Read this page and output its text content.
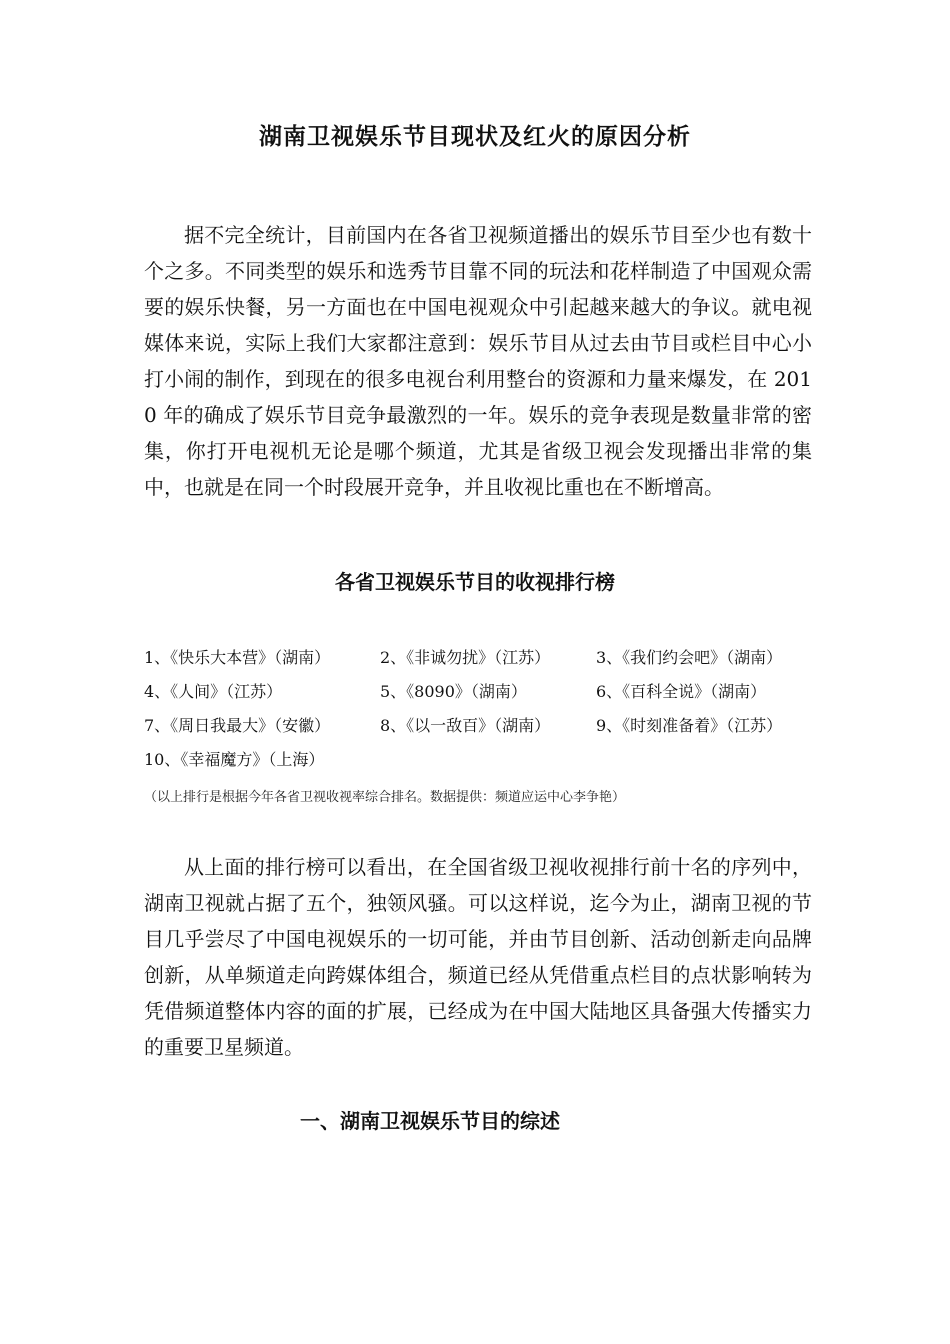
湖南卫视娱乐节目现状及红火的原因分析

据不完全统计，目前国内在各省卫视频道播出的娱乐节目至少也有数十个之多。不同类型的娱乐和选秀节目靠不同的玩法和花样制造了中国观众需要的娱乐快餐，另一方面也在中国电视观众中引起越来越大的争议。就电视媒体来说，实际上我们大家都注意到：娱乐节目从过去由节目或栏目中心小打小闹的制作，到现在的很多电视台利用整台的资源和力量来爆发，在 2010 年的确成了娱乐节目竞争最激烈的一年。娱乐的竞争表现是数量非常的密集，你打开电视机无论是哪个频道，尤其是省级卫视会发现播出非常的集中，也就是在同一个时段展开竞争，并且收视比重也在不断增高。

各省卫视娱乐节目的收视排行榜
1、《快乐大本营》（湖南）	2、《非诚勿扰》（江苏）	3、《我们约会吧》（湖南）
4、《人间》（江苏）	5、《8090》（湖南）	6、《百科全说》（湖南）
7、《周日我最大》（安徽）	8、《以一敌百》（湖南）	9、《时刻准备着》（江苏）
10、《幸福魔方》（上海）
（以上排行是根据今年各省卫视收视率综合排名。数据提供：频道应运中心李争艳）

从上面的排行榜可以看出，在全国省级卫视收视排行前十名的序列中，湖南卫视就占据了五个，独领风骚。可以这样说，迄今为止，湖南卫视的节目几乎尝尽了中国电视娱乐的一切可能，并由节目创新、活动创新走向品牌创新，从单频道走向跨媒体组合，频道已经从凭借重点栏目的点状影响转为凭借频道整体内容的面的扩展，已经成为在中国大陆地区具备强大传播实力的重要卫星频道。

一、湖南卫视娱乐节目的综述
